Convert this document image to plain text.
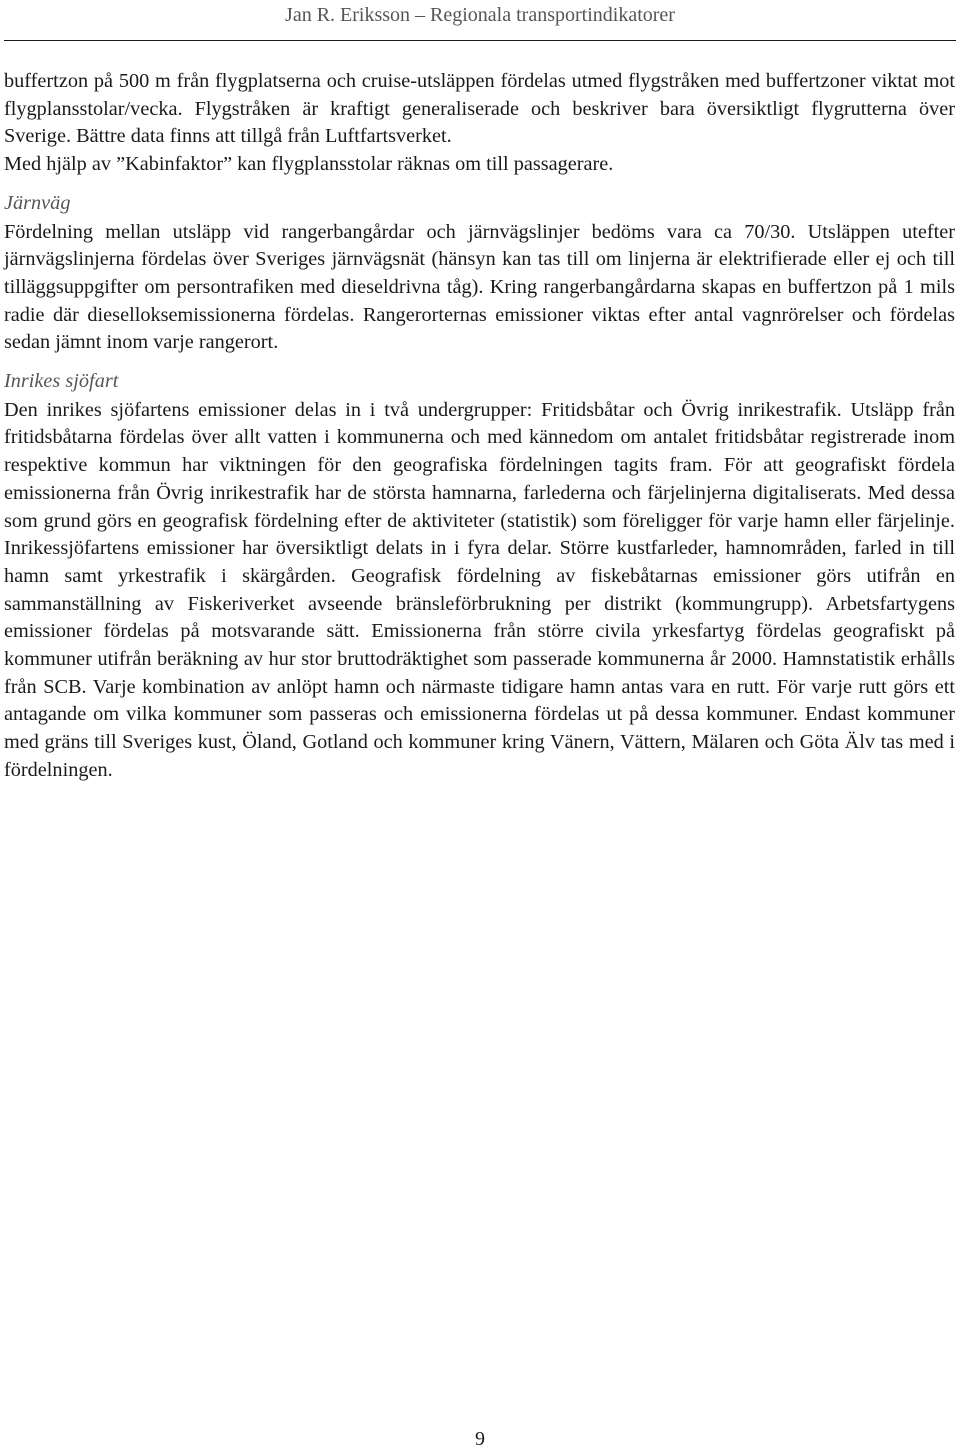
Jan R. Eriksson – Regionala transportindikatorer

buffertzon på 500 m från flygplatserna och cruise-utsläppen fördelas utmed flygstråken med buffertzoner viktat mot flygplansstolar/vecka. Flygstråken är kraftigt generaliserade och beskriver bara översiktligt flygrutterna över Sverige. Bättre data finns att tillgå från Luftfartsverket.

Med hjälp av ”Kabinfaktor” kan flygplansstolar räknas om till passagerare.

Järnväg

Fördelning mellan utsläpp vid rangerbangårdar och järnvägslinjer bedöms vara ca 70/30. Utsläppen utefter järnvägslinjerna fördelas över Sveriges järnvägsnät (hänsyn kan tas till om linjerna är elektrifierade eller ej och till tilläggsuppgifter om persontrafiken med dieseldrivna tåg). Kring rangerbangårdarna skapas en buffertzon på 1 mils radie där dieselloksemissionerna fördelas. Rangerorternas emissioner viktas efter antal vagnrörelser och fördelas sedan jämnt inom varje rangerort.

Inrikes sjöfart

Den inrikes sjöfartens emissioner delas in i två undergrupper: Fritidsbåtar och Övrig inrikestrafik. Utsläpp från fritidsbåtarna fördelas över allt vatten i kommunerna och med kännedom om antalet fritidsbåtar registrerade inom respektive kommun har viktningen för den geografiska fördelningen tagits fram. För att geografiskt fördela emissionerna från Övrig inrikestrafik har de största hamnarna, farlederna och färjelinjerna digitaliserats. Med dessa som grund görs en geografisk fördelning efter de aktiviteter (statistik) som föreligger för varje hamn eller färjelinje. Inrikessjöfartens emissioner har översiktligt delats in i fyra delar. Större kustfarleder, hamnområden, farled in till hamn samt yrkestrafik i skärgården. Geografisk fördelning av fiskebåtarnas emissioner görs utifrån en sammanställning av Fiskeriverket avseende bränsleförbrukning per distrikt (kommungrupp). Arbetsfartygens emissioner fördelas på motsvarande sätt. Emissionerna från större civila yrkesfartyg fördelas geografiskt på kommuner utifrån beräkning av hur stor bruttodräktighet som passerade kommunerna år 2000. Hamnstatistik erhålls från SCB. Varje kombination av anlöpt hamn och närmaste tidigare hamn antas vara en rutt. För varje rutt görs ett antagande om vilka kommuner som passeras och emissionerna fördelas ut på dessa kommuner. Endast kommuner med gräns till Sveriges kust, Öland, Gotland och kommuner kring Vänern, Vättern, Mälaren och Göta Älv tas med i fördelningen.

9
